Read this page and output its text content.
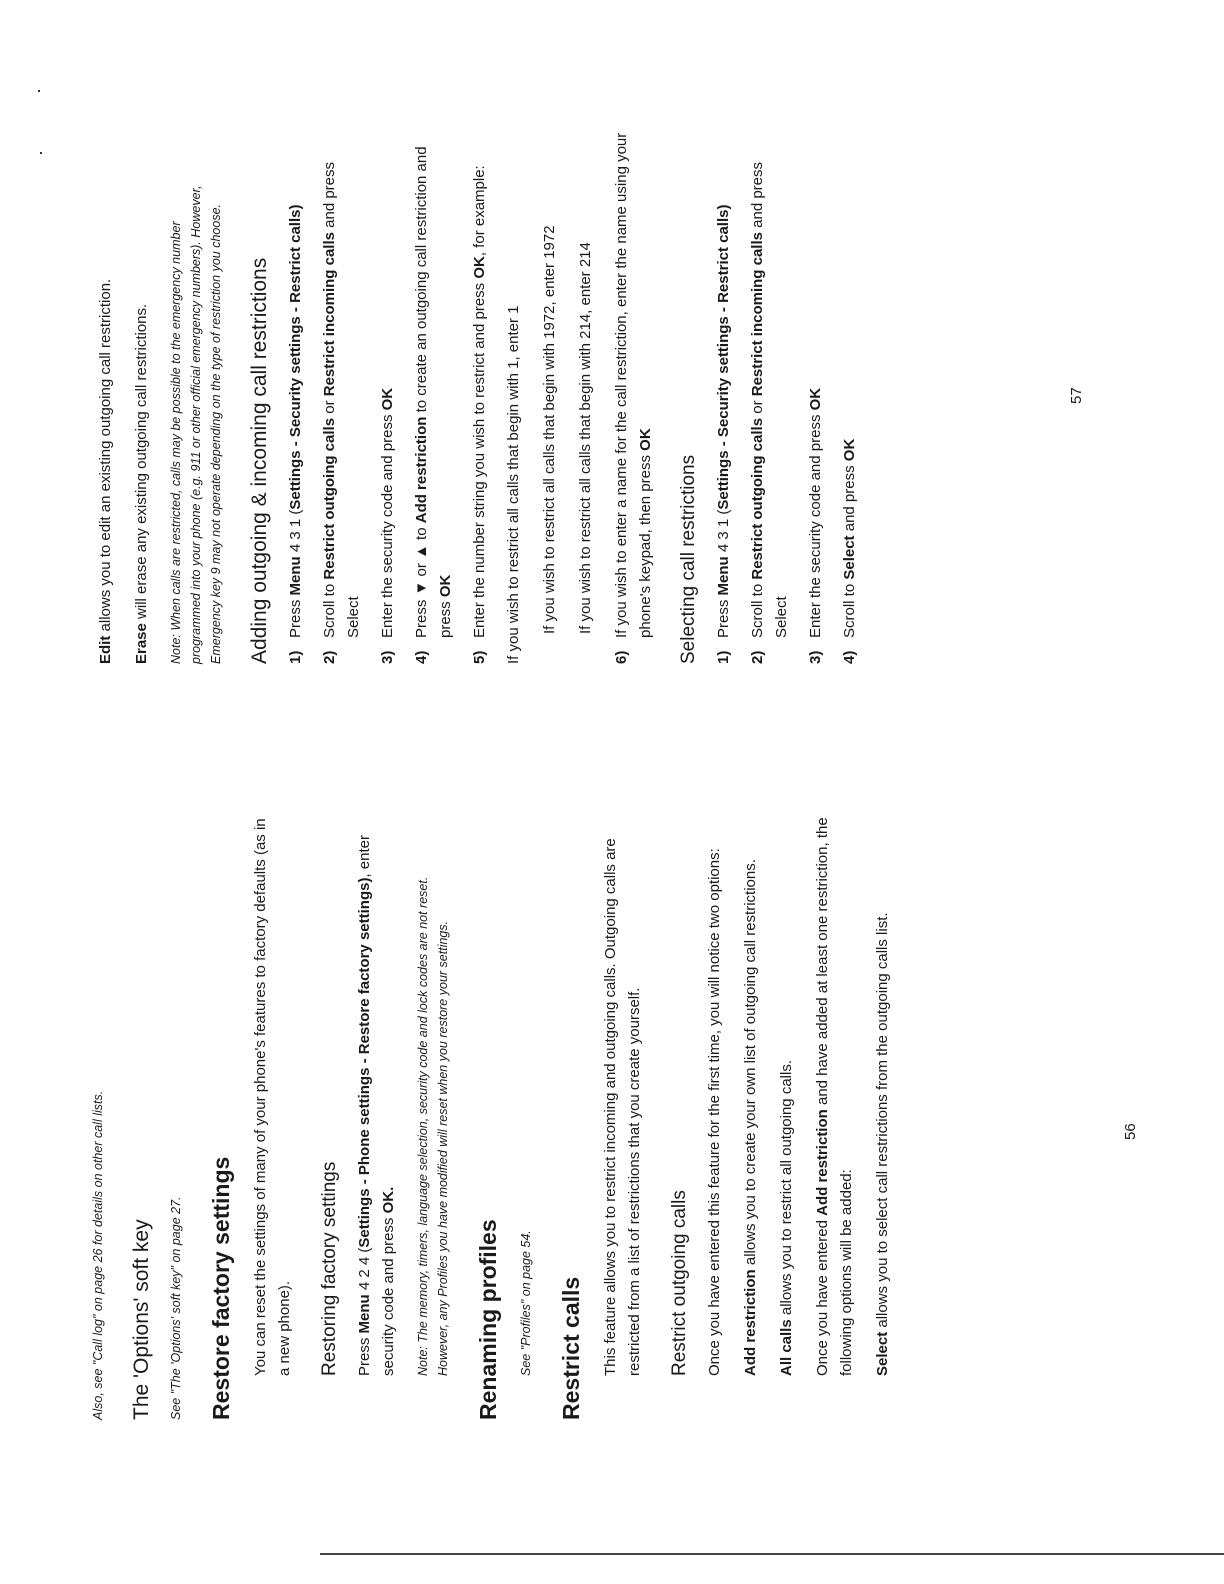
Also, see "Call log" on page 26 for details on other call lists. The 'Options' soft key See "The 'Options' soft key" on page 27. Restore factory settings You can reset the settings of many of your phone's features to factory defaults (as in a new phone). Restoring factory settings Press Menu 4 2 4 (Settings - Phone settings - Restore factory settings), enter security code and press OK.	Note: The memory, timers, language selection, security code and lock codes are not reset. However, any Profiles you have modified will reset when you restore your settings. Renaming profiles See "Profiles" on page 54. Restrict calls This feature allows you to restrict incoming and outgoing calls. Outgoing calls are restricted from a list of restrictions that you create yourself. Restrict outgoing calls Once you have entered this feature for the first time, you will notice two options: Add restriction allows you to create your own list of outgoing call restrictions.

All calls allows you to restrict all outgoing calls. Once you have entered Add restriction and have added at least one restriction, the following options will be added: Select allows you to select call restrictions from the outgoing calls list.

Edit allows you to edit an existing outgoing call restriction.

Erase will erase any existing outgoing call restrictions.	Note: When calls are restricted, calls may be possible to the emergency number programmed into your phone (e.g. 911 or other official emergency numbers). However, Emergency key 9 may not operate depending on the type of restriction you choose. Adding outgoing & incoming call restrictions 1)
Press Menu 4 3 1 (Settings - Security settings - Restrict calls)
2)
Scroll to Restrict outgoing calls or Restrict incoming calls and press Select
3)
Enter the security code and press OK
4)
Press ▼ or ▲ to Add restriction to create an outgoing call restriction and press OK
5)
Enter the number string you wish to restrict and press OK, for example:

If you wish to restrict all calls that begin with 1, enter 1 If you wish to restrict all calls that begin with 1972, enter 1972 If you wish to restrict all calls that begin with 214, enter 214

6)
If you wish to enter a name for the call restriction, enter the name using your phone's keypad, then press OK
Selecting call restrictions 1)
Press Menu 4 3 1 (Settings - Security settings - Restrict calls)
2)
Scroll to Restrict outgoing calls or Restrict incoming calls and press Select
3)
Enter the security code and press OK
4)
Scroll to Select and press OK
56
57
